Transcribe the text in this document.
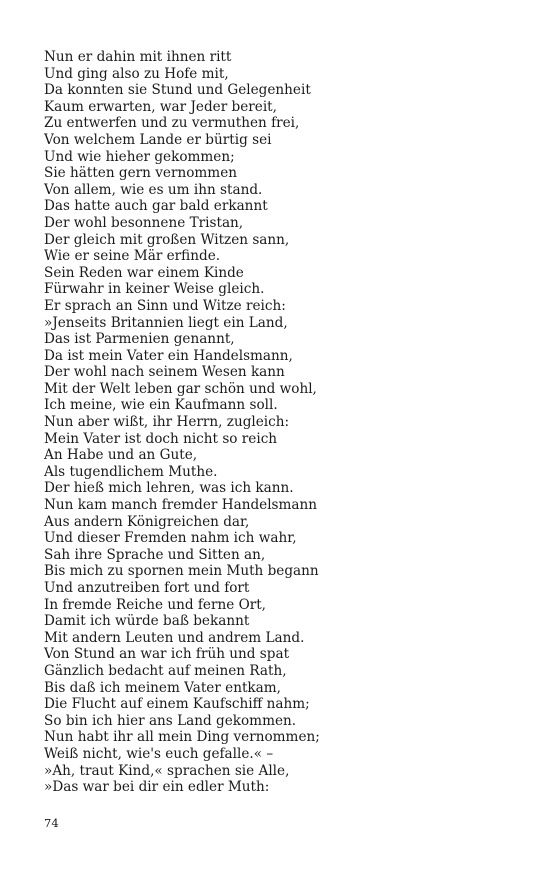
Nun er dahin mit ihnen ritt
Und ging also zu Hofe mit,
Da konnten sie Stund und Gelegenheit
Kaum erwarten, war Jeder bereit,
Zu entwerfen und zu vermuthen frei,
Von welchem Lande er bürtig sei
Und wie hieher gekommen;
Sie hätten gern vernommen
Von allem, wie es um ihn stand.
Das hatte auch gar bald erkannt
Der wohl besonnene Tristan,
Der gleich mit großen Witzen sann,
Wie er seine Mär erfinde.
Sein Reden war einem Kinde
Fürwahr in keiner Weise gleich.
Er sprach an Sinn und Witze reich:
»Jenseits Britannien liegt ein Land,
Das ist Parmenien genannt,
Da ist mein Vater ein Handelsmann,
Der wohl nach seinem Wesen kann
Mit der Welt leben gar schön und wohl,
Ich meine, wie ein Kaufmann soll.
Nun aber wißt, ihr Herrn, zugleich:
Mein Vater ist doch nicht so reich
An Habe und an Gute,
Als tugendlichem Muthe.
Der hieß mich lehren, was ich kann.
Nun kam manch fremder Handelsmann
Aus andern Königreichen dar,
Und dieser Fremden nahm ich wahr,
Sah ihre Sprache und Sitten an,
Bis mich zu spornen mein Muth begann
Und anzutreiben fort und fort
In fremde Reiche und ferne Ort,
Damit ich würde baß bekannt
Mit andern Leuten und andrem Land.
Von Stund an war ich früh und spat
Gänzlich bedacht auf meinen Rath,
Bis daß ich meinem Vater entkam,
Die Flucht auf einem Kaufschiff nahm;
So bin ich hier ans Land gekommen.
Nun habt ihr all mein Ding vernommen;
Weiß nicht, wie's euch gefalle.« –
»Ah, traut Kind,« sprachen sie Alle,
»Das war bei dir ein edler Muth:
74
